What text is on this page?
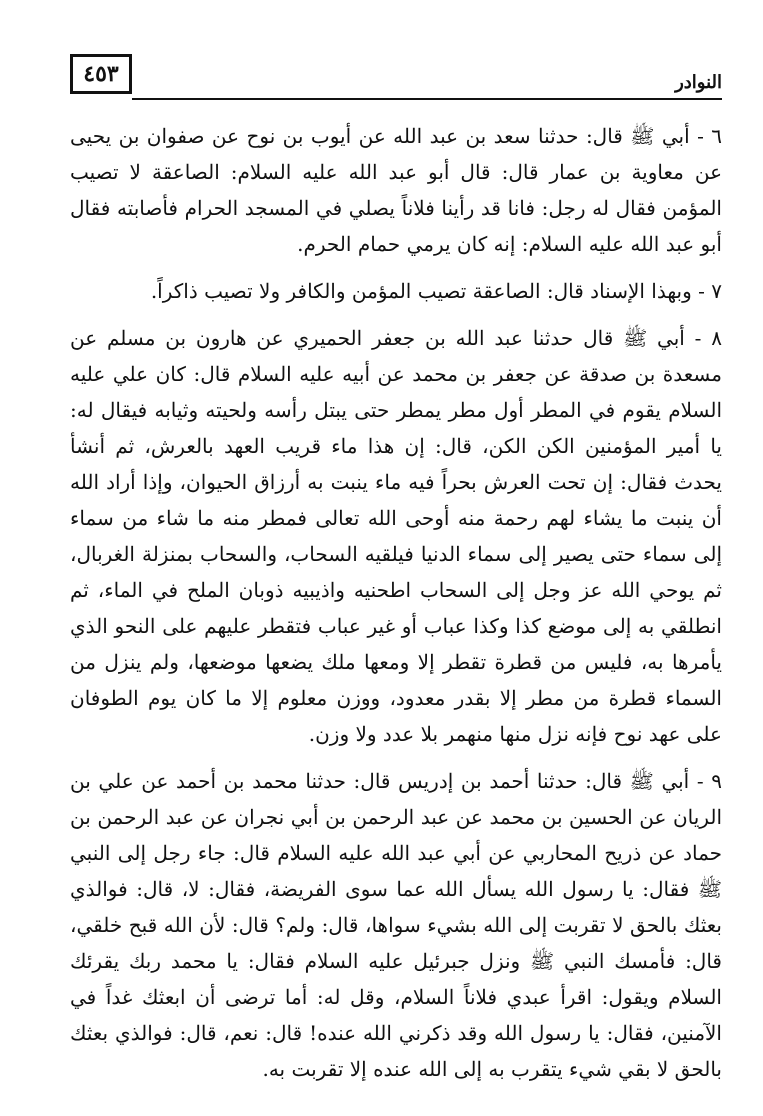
٤٥٣	النوادر

٦ - أبي ﷺ قال: حدثنا سعد بن عبد الله عن أيوب بن نوح عن صفوان بن يحيى عن معاوية بن عمار قال: قال أبو عبد الله عليه السلام: الصاعقة لا تصيب المؤمن فقال له رجل: فانا قد رأينا فلاناً يصلي في المسجد الحرام فأصابته فقال أبو عبد الله عليه السلام: إنه كان يرمي حمام الحرم.

٧ - وبهذا الإسناد قال: الصاعقة تصيب المؤمن والكافر ولا تصيب ذاكراً.

٨ - أبي ﷺ قال حدثنا عبد الله بن جعفر الحميري عن هارون بن مسلم عن مسعدة بن صدقة عن جعفر بن محمد عن أبيه عليه السلام قال: كان علي عليه السلام يقوم في المطر أول مطر يمطر حتى يبتل رأسه ولحيته وثيابه فيقال له: يا أمير المؤمنين الكن الكن، قال: إن هذا ماء قريب العهد بالعرش، ثم أنشأ يحدث فقال: إن تحت العرش بحراً فيه ماء ينبت به أرزاق الحيوان، وإذا أراد الله أن ينبت ما يشاء لهم رحمة منه أوحى الله تعالى فمطر منه ما شاء من سماء إلى سماء حتى يصير إلى سماء الدنيا فيلقيه السحاب، والسحاب بمنزلة الغربال، ثم يوحي الله عز وجل إلى السحاب اطحنيه واذيبيه ذوبان الملح في الماء، ثم انطلقي به إلى موضع كذا وكذا عباب أو غير عباب فتقطر عليهم على النحو الذي يأمرها به، فليس من قطرة تقطر إلا ومعها ملك يضعها موضعها، ولم ينزل من السماء قطرة من مطر إلا بقدر معدود، ووزن معلوم إلا ما كان يوم الطوفان على عهد نوح فإنه نزل منها منهمر بلا عدد ولا وزن.

٩ - أبي ﷺ قال: حدثنا أحمد بن إدريس قال: حدثنا محمد بن أحمد عن علي بن الريان عن الحسين بن محمد عن عبد الرحمن بن أبي نجران عن عبد الرحمن بن حماد عن ذريح المحاربي عن أبي عبد الله عليه السلام قال: جاء رجل إلى النبي ﷺ فقال: يا رسول الله يسأل الله عما سوى الفريضة، فقال: لا، قال: فوالذي بعثك بالحق لا تقربت إلى الله بشيء سواها، قال: ولم؟ قال: لأن الله قبح خلقي، قال: فأمسك النبي ﷺ ونزل جبرئيل عليه السلام فقال: يا محمد ربك يقرئك السلام ويقول: اقرأ عبدي فلاناً السلام، وقل له: أما ترضى أن ابعثك غداً في الآمنين، فقال: يا رسول الله وقد ذكرني الله عنده! قال: نعم، قال: فوالذي بعثك بالحق لا بقي شيء يتقرب به إلى الله عنده إلا تقربت به.
